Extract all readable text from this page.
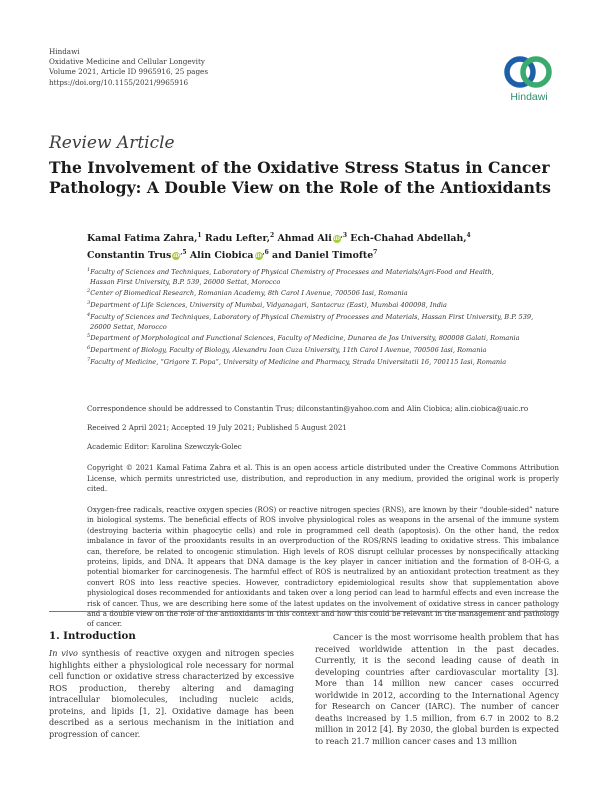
Hindawi
Oxidative Medicine and Cellular Longevity
Volume 2021, Article ID 9965916, 25 pages
https://doi.org/10.1155/2021/9965916
Hindawi
Review Article
The Involvement of the Oxidative Stress Status in Cancer Pathology: A Double View on the Role of the Antioxidants
Kamal Fatima Zahra,$^1$ Radu Lefter,$^2$ Ahmad Ali $iD^{,3}$ Ech-Chahad Abdellah,$^4$
Constantin Trus $iD^{,5}$ Alin Ciobica $iD^{,6}$ and Daniel Timofte$^7$
$^1$Faculty of Sciences and Techniques, Laboratory of Physical Chemistry of Processes and Materials/Agri-Food and Health,
Hassan First University, B.P. 539, 26000 Settat, Morocco
$^2$Center of Biomedical Research, Romanian Academy, 8th Carol I Avenue, 700506 Iasi, Romania
$^3$Department of Life Sciences, University of Mumbai, Vidyanagari, Santacruz (East), Mumbai 400098, India
$^4$Faculty of Sciences and Techniques, Laboratory of Physical Chemistry of Processes and Materials, Hassan First University, B.P. 539,
26000 Settat, Morocco
$^5$Department of Morphological and Functional Sciences, Faculty of Medicine, Dunarea de Jos University, 800008 Galati, Romania
$^6$Department of Biology, Faculty of Biology, Alexandru Ioan Cuza University, 11th Carol I Avenue, 700506 Iasi, Romania
$^7$Faculty of Medicine, “Grigore T. Popa”, University of Medicine and Pharmacy, Strada Universitatii 16, 700115 Iasi, Romania
Correspondence should be addressed to Constantin Trus; dilconstantin@yahoo.com and Alin Ciobica; alin.ciobica@uaic.ro
Received 2 April 2021; Accepted 19 July 2021; Published 5 August 2021
Academic Editor: Karolina Szewczyk-Golec
Copyright © 2021 Kamal Fatima Zahra et al. This is an open access article distributed under the Creative Commons Attribution License, which permits unrestricted use, distribution, and reproduction in any medium, provided the original work is properly cited.
Oxygen-free radicals, reactive oxygen species (ROS) or reactive nitrogen species (RNS), are known by their “double-sided” nature in biological systems. The beneficial effects of ROS involve physiological roles as weapons in the arsenal of the immune system (destroying bacteria within phagocytic cells) and role in programmed cell death (apoptosis). On the other hand, the redox imbalance in favor of the prooxidants results in an overproduction of the ROS/RNS leading to oxidative stress. This imbalance can, therefore, be related to oncogenic stimulation. High levels of ROS disrupt cellular processes by nonspecifically attacking proteins, lipids, and DNA. It appears that DNA damage is the key player in cancer initiation and the formation of 8-OH-G, a potential biomarker for carcinogenesis. The harmful effect of ROS is neutralized by an antioxidant protection treatment as they convert ROS into less reactive species. However, contradictory epidemiological results show that supplementation above physiological doses recommended for antioxidants and taken over a long period can lead to harmful effects and even increase the risk of cancer. Thus, we are describing here some of the latest updates on the involvement of oxidative stress in cancer pathology and a double view on the role of the antioxidants in this context and how this could be relevant in the management and pathology of cancer.
1. Introduction
In vivo synthesis of reactive oxygen and nitrogen species highlights either a physiological role necessary for normal cell function or oxidative stress characterized by excessive ROS production, thereby altering and damaging intracellular biomolecules, including nucleic acids, proteins, and lipids [1, 2]. Oxidative damage has been described as a serious mechanism in the initiation and progression of cancer.
Cancer is the most worrisome health problem that has received worldwide attention in the past decades. Currently, it is the second leading cause of death in developing countries after cardiovascular mortality [3]. More than 14 million new cancer cases occurred worldwide in 2012, according to the International Agency for Research on Cancer (IARC). The number of cancer deaths increased by 1.5 million, from 6.7 in 2002 to 8.2 million in 2012 [4]. By 2030, the global burden is expected to reach 21.7 million cancer cases and 13 million
